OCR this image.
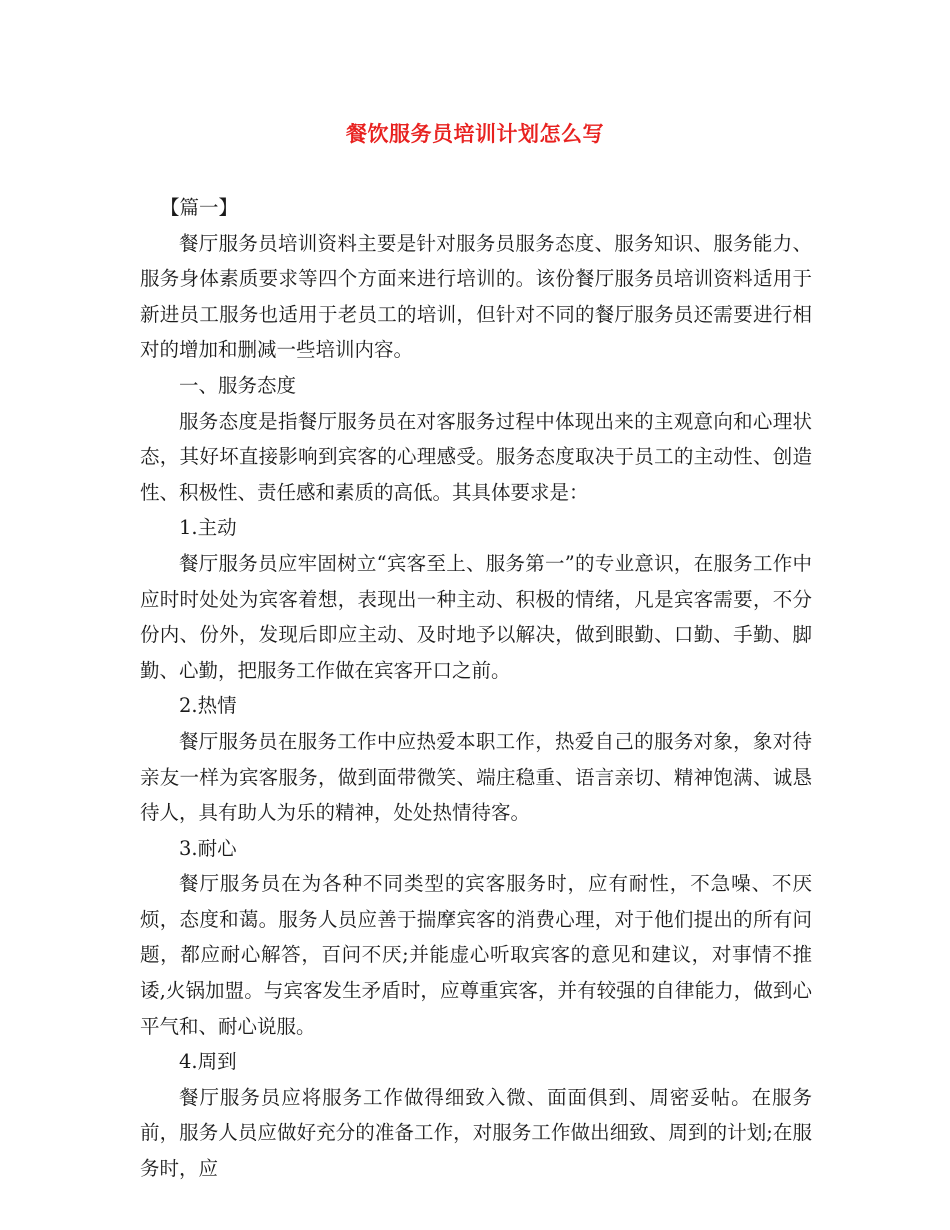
餐饮服务员培训计划怎么写
【篇一】

餐厅服务员培训资料主要是针对服务员服务态度、服务知识、服务能力、服务身体素质要求等四个方面来进行培训的。该份餐厅服务员培训资料适用于新进员工服务也适用于老员工的培训，但针对不同的餐厅服务员还需要进行相对的增加和删减一些培训内容。

一、服务态度

服务态度是指餐厅服务员在对客服务过程中体现出来的主观意向和心理状态，其好坏直接影响到宾客的心理感受。服务态度取决于员工的主动性、创造性、积极性、责任感和素质的高低。其具体要求是：

1.主动

餐厅服务员应牢固树立“宾客至上、服务第一”的专业意识，在服务工作中应时时处处为宾客着想，表现出一种主动、积极的情绪，凡是宾客需要，不分份内、份外，发现后即应主动、及时地予以解决，做到眼勤、口勤、手勤、脚勤、心勤，把服务工作做在宾客开口之前。

2.热情

餐厅服务员在服务工作中应热爱本职工作，热爱自己的服务对象，象对待亲友一样为宾客服务，做到面带微笑、端庄稳重、语言亲切、精神饱满、诚恳待人，具有助人为乐的精神，处处热情待客。

3.耐心

餐厅服务员在为各种不同类型的宾客服务时，应有耐性，不急噪、不厌烦，态度和蔼。服务人员应善于揣摩宾客的消费心理，对于他们提出的所有问题，都应耐心解答，百问不厌;并能虚心听取宾客的意见和建议，对事情不推诿,火锅加盟。与宾客发生矛盾时，应尊重宾客，并有较强的自律能力，做到心平气和、耐心说服。

4.周到

餐厅服务员应将服务工作做得细致入微、面面俱到、周密妥帖。在服务前，服务人员应做好充分的准备工作，对服务工作做出细致、周到的计划;在服务时，应
